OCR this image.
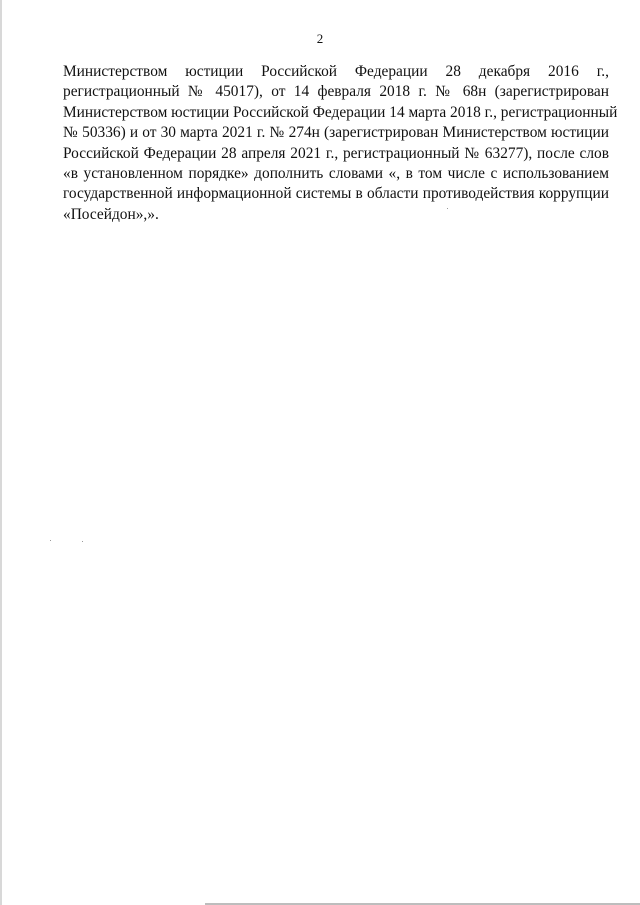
2

Министерством юстиции Российской Федерации 28 декабря 2016 г.,
регистрационный № 45017), от 14 февраля 2018 г. № 68н (зарегистрирован
Министерством юстиции Российской Федерации 14 марта 2018 г., регистрационный
№ 50336) и от 30 марта 2021 г. № 274н (зарегистрирован Министерством юстиции
Российской Федерации 28 апреля 2021 г., регистрационный № 63277), после слов
«в установленном порядке» дополнить словами «, в том числе с использованием
государственной информационной системы в области противодействия коррупции
«Посейдон»,».
